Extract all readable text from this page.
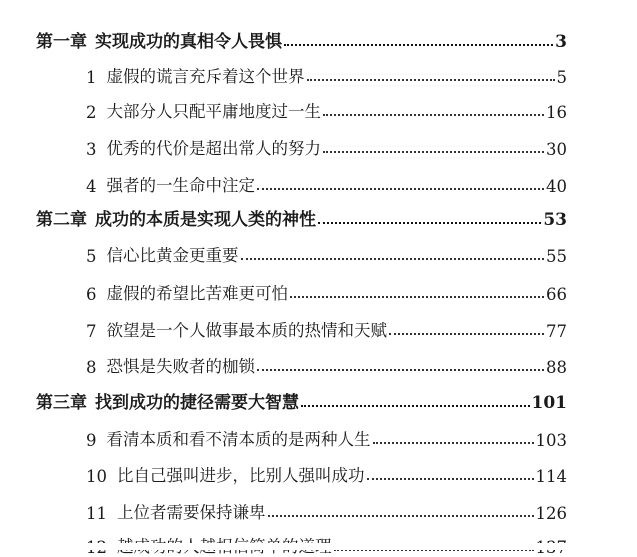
第一章 实现成功的真相令人畏惧	3
1 虚假的谎言充斥着这个世界	5
2 大部分人只配平庸地度过一生	16
3 优秀的代价是超出常人的努力	30
4 强者的一生命中注定	40
第二章 成功的本质是实现人类的神性	53
5 信心比黄金更重要	55
6 虚假的希望比苦难更可怕	66
7 欲望是一个人做事最本质的热情和天赋	77
8 恐惧是失败者的枷锁	88
第三章 找到成功的捷径需要大智慧	101
9 看清本质和看不清本质的是两种人生	103
10 比自己强叫进步，比别人强叫成功	114
11 上位者需要保持谦卑	126
